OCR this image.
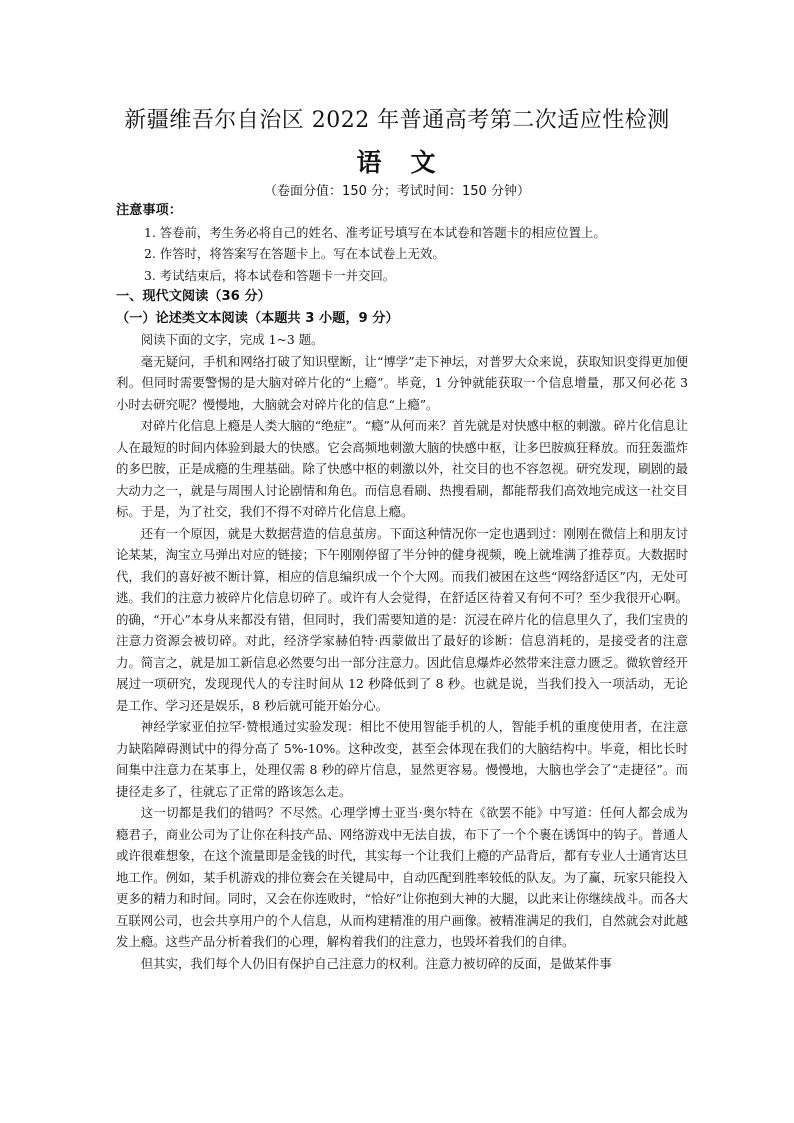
新疆维吾尔自治区 2022 年普通高考第二次适应性检测
语　文
（卷面分值：150 分；考试时间：150 分钟）

注意事项：

1. 答卷前，考生务必将自己的姓名、准考证号填写在本试卷和答题卡的相应位置上。

2. 作答时，将答案写在答题卡上。写在本试卷上无效。

3. 考试结束后，将本试卷和答题卡一并交回。

一、现代文阅读（36 分）

（一）论述类文本阅读（本题共 3 小题，9 分）

阅读下面的文字，完成 1~3 题。

毫无疑问，手机和网络打破了知识壁断，让“博学”走下神坛，对普罗大众来说，获取知识变得更加便利。但同时需要警惕的是大脑对碎片化的“上瘾”。毕竟，1 分钟就能获取一个信息增量，那又何必花 3 小时去研究呢？慢慢地，大脑就会对碎片化的信息“上瘾”。

对碎片化信息上瘾是人类大脑的“绝症”。“瘾”从何而来？首先就是对快感中枢的刺激。碎片化信息让人在最短的时间内体验到最大的快感。它会高频地刺激大脑的快感中枢，让多巴胺疯狂释放。而狂轰滥炸的多巴胺，正是成瘾的生理基础。除了快感中枢的刺激以外，社交目的也不容忽视。研究发现，刷剧的最大动力之一，就是与周围人讨论剧情和角色。而信息看刷、热搜看刷，都能帮我们高效地完成这一社交目标。于是，为了社交，我们不得不对碎片化信息上瘾。

还有一个原因，就是大数据营造的信息茧房。下面这种情况你一定也遇到过：刚刚在微信上和朋友讨论某某，淘宝立马弹出对应的链接；下午刚刚停留了半分钟的健身视频，晚上就堆满了推荐页。大数据时代，我们的喜好被不断计算，相应的信息编织成一个个大网。而我们被困在这些“网络舒适区”内，无处可逃。我们的注意力被碎片化信息切碎了。或许有人会觉得，在舒适区待着又有何不可？至少我很开心啊。的确，“开心”本身从来都没有错，但同时，我们需要知道的是：沉浸在碎片化的信息里久了，我们宝贵的注意力资源会被切碎。对此，经济学家赫伯特·西蒙做出了最好的诊断：信息消耗的，是接受者的注意力。简言之，就是加工新信息必然要匀出一部分注意力。因此信息爆炸必然带来注意力匮乏。微软曾经开展过一项研究，发现现代人的专注时间从 12 秒降低到了 8 秒。也就是说，当我们投入一项活动，无论是工作、学习还是娱乐，8 秒后就可能开始分心。

神经学家亚伯拉罕·赞根通过实验发现：相比不使用智能手机的人，智能手机的重度使用者，在注意力缺陷障碍测试中的得分高了 5%-10%。这种改变，甚至会体现在我们的大脑结构中。毕竟，相比长时间集中注意力在某事上，处理仅需 8 秒的碎片信息，显然更容易。慢慢地，大脑也学会了“走捷径”。而捷径走多了，往就忘了正常的路该怎么走。

这一切都是我们的错吗？不尽然。心理学博士亚当·奥尔特在《欲罢不能》中写道：任何人都会成为瘾君子，商业公司为了让你在科技产品、网络游戏中无法自拔，布下了一个个裹在诱饵中的钩子。普通人或许很难想象，在这个流量即是金钱的时代，其实每一个让我们上瘾的产品背后，都有专业人士通宵达旦地工作。例如，某手机游戏的排位赛会在关键局中，自动匹配到胜率较低的队友。为了赢，玩家只能投入更多的精力和时间。同时，又会在你连败时，“恰好”让你抱到大神的大腿，以此来让你继续战斗。而各大互联网公司，也会共享用户的个人信息，从而构建精准的用户画像。被精准满足的我们，自然就会对此越发上瘾。这些产品分析着我们的心理，解构着我们的注意力，也毁坏着我们的自律。

但其实，我们每个人仍旧有保护自己注意力的权利。注意力被切碎的反面，是做某件事
